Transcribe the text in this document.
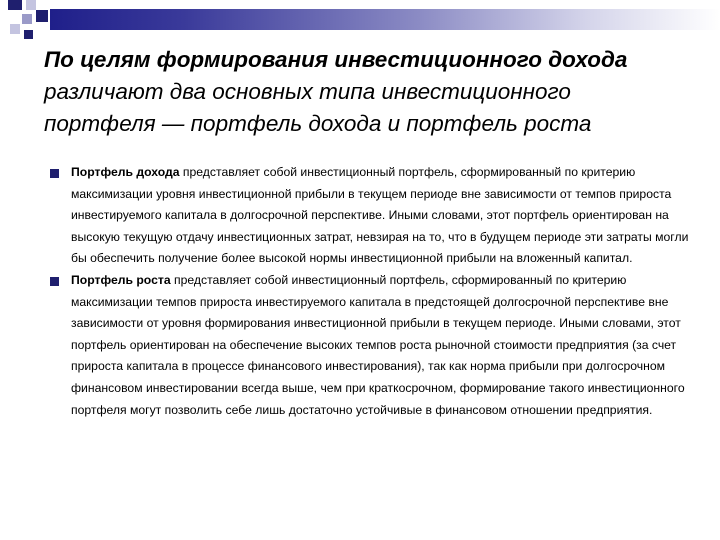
По целям формирования инвестиционного дохода различают два основных типа инвестиционного портфеля — портфель дохода и портфель роста
Портфель дохода представляет собой инвестиционный портфель, сформированный по критерию максимизации уровня инвестиционной прибыли в текущем периоде вне зависимости от темпов прироста инвестируемого капитала в долгосрочной перспективе. Иными словами, этот портфель ориентирован на высокую текущую отдачу инвестиционных затрат, невзирая на то, что в будущем периоде эти затраты могли бы обеспечить получение более высокой нормы инвестиционной прибыли на вложенный капитал.
Портфель роста представляет собой инвестиционный портфель, сформированный по критерию максимизации темпов прироста инвестируемого капитала в предстоящей долгосрочной перспективе вне зависимости от уровня формирования инвестиционной прибыли в текущем периоде. Иными словами, этот портфель ориентирован на обеспечение высоких темпов роста рыночной стоимости предприятия (за счет прироста капитала в процессе финансового инвестирования), так как норма прибыли при долгосрочном финансовом инвестировании всегда выше, чем при краткосрочном, формирование такого инвестиционного портфеля могут позволить себе лишь достаточно устойчивые в финансовом отношении предприятия.
